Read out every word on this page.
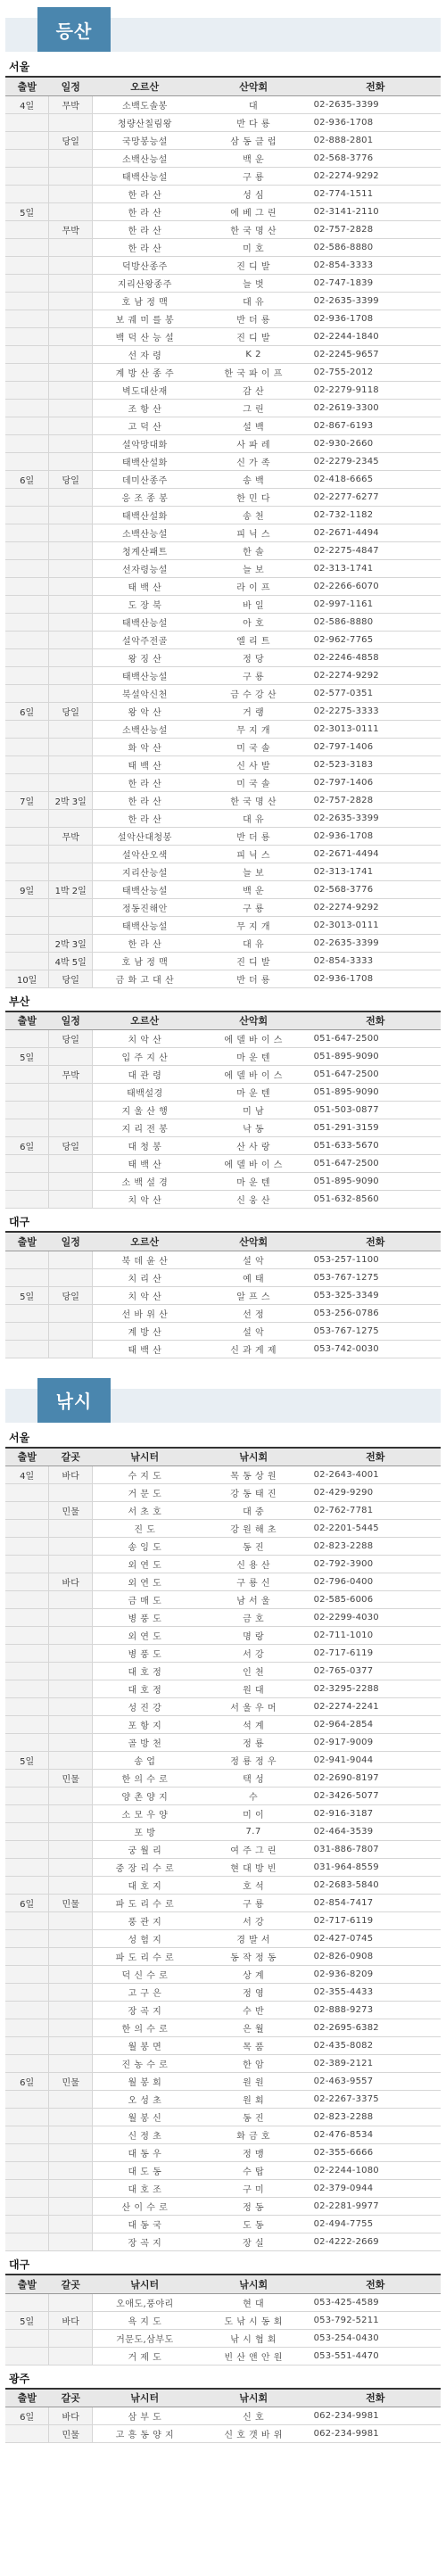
등산
서울
출발	일정	오르산	산악회	전화
4일	무박	소백도솔봉	대	02-2635-3399
		청량산칠림왕	반 다 룡	02-936-1708
	당일	국망봉능설	삼 동 클 럽	02-888-2801
		소백산능설	백 운	02-568-3776
		태백산능설	구 룡	02-2274-9292
		한 라 산	성 심	02-774-1511
5일		한 라 산	에 베 그 린	02-3141-2110
	무박	한 라 산	한 국 명 산	02-757-2828
		한 라 산	미 호	02-586-8880
		덕방산종주	진 디 발	02-854-3333
		지리산왕종주	늘 벗	02-747-1839
		호 남 정 맥	대 유	02-2635-3399
		보 궤 미 를 봉	반 더 룡	02-936-1708
		백 덕 산 능 설	진 디 발	02-2244-1840
		선 자 령	K 2	02-2245-9657
		계 방 산 종 주	한 국 파 이 프	02-755-2012
		벽도대산재	감 산	02-2279-9118
		조 항 산	그 린	02-2619-3300
		고 덕 산	설 백	02-867-6193
		설악망대화	사 파 레	02-930-2660
		태백산설화	신 가 족	02-2279-2345
6일	당일	데미산종주	송 백	02-418-6665
		응 조 종 봉	한 민 다	02-2277-6277
		태백산설화	송 천	02-732-1182
		소백산능설	피 닉 스	02-2671-4494
		청계산패트	한 솔	02-2275-4847
		선자령능설	늘 보	02-313-1741
		태 백 산	라 이 프	02-2266-6070
		도 장 북	바 일	02-997-1161
		태백산능설	아 호	02-586-8880
		설악주전골	엘 리 트	02-962-7765
		왕 징 산	정 당	02-2246-4858
		태백산능설	구 룡	02-2274-9292
		북설악신천	금 수 강 산	02-577-0351
6일	당일	왕 악 산	거 랭	02-2275-3333
		소백산능설	무 지 개	02-3013-0111
		화 악 산	미 국 솔	02-797-1406
		태 백 산	신 사 발	02-523-3183
		한 라 산	미 국 솔	02-797-1406
7일	2박 3일	한 라 산	한 국 명 산	02-757-2828
		한 라 산	대 유	02-2635-3399
	무박	설악산대청봉	반 더 룡	02-936-1708
		설악산오색	피 닉 스	02-2671-4494
		지리산능설	늘 보	02-313-1741
9일	1박 2일	태백산능설	백 운	02-568-3776
		정동진해안	구 룡	02-2274-9292
		태백산능설	무 지 개	02-3013-0111
	2박 3일	한 라 산	대 유	02-2635-3399
	4박 5일	호 남 정 맥	진 디 발	02-854-3333
10일	당일	금 화 고 대 산	반 더 룡	02-936-1708
부산
출발	일정	오르산	산악회	전화
	당일	치 악 산	에 델 바 이 스	051-647-2500
5일		입 주 지 산	마 운 텐	051-895-9090
	무박	대 관 령	에 델 바 이 스	051-647-2500
		태백설경	마 운 텐	051-895-9090
		지 울 산 행	미 남	051-503-0877
		지 리 전 봉	낙 동	051-291-3159
6일	당일	대 청 봉	산 사 랑	051-633-5670
		태 백 산	에 델 바 이 스	051-647-2500
		소 백 설 경	마 운 텐	051-895-9090
		치 악 산	신 웅 산	051-632-8560
대구
출발	일정	오르산	산악회	전화
		북 데 윤 산	설 악	053-257-1100
		치 리 산	예 태	053-767-1275
5일	당일	치 악 산	알 프 스	053-325-3349
		선 바 위 산	선 정	053-256-0786
		계 방 산	설 악	053-767-1275
		태 백 산	신 과 게 제	053-742-0030
낚시
서울
출발	갈곳	낚시터	낚시회	전화
4일	바다	수 지 도	목 동 상 원	02-2643-4001
		거 문 도	강 동 태 진	02-429-9290
	민물	서 초 호	대 중	02-762-7781
		진 도	강 원 해 초	02-2201-5445
		송 잉 도	동 진	02-823-2288
		외 연 도	신 용 산	02-792-3900
	바다	외 연 도	구 룡 신	02-796-0400
		금 매 도	남 서 울	02-585-6006
		병 풍 도	금 호	02-2299-4030
		외 연 도	명 랑	02-711-1010
		병 풍 도	서 강	02-717-6119
		대 호 정	인 천	02-765-0377
		대 호 정	원 대	02-3295-2288
		성 진 강	서 울 우 머	02-2274-2241
		포 항 지	석 계	02-964-2854
		골 방 천	정 룡	02-917-9009
5일		송 업	정 룡 정 우	02-941-9044
	민물	한 의 수 로	택 성	02-2690-8197
		양 촌 양 지	수	02-3426-5077
		소 모 우 양	미 이	02-916-3187
		포 방	7.7	02-464-3539
		궁 월 리	여 주 그 린	031-886-7807
		중 장 리 수 로	현 대 방 빈	031-964-8559
		대 호 지	호 석	02-2683-5840
6일	민물	파 도 리 수 로	구 룡	02-854-7417
		풍 관 지	서 강	02-717-6119
		성 험 지	경 발 서	02-427-0745
		파 도 리 수 로	동 작 정 동	02-826-0908
		덕 신 수 로	상 계	02-936-8209
		고 구 은	정 영	02-355-4433
		장 곡 지	수 반	02-888-9273
		한 의 수 로	은 월	02-2695-6382
		월 봉 면	목 품	02-435-8082
		진 농 수 로	한 암	02-389-2121
6일	민물	월 봉 회	원 원	02-463-9557
		오 성 초	원 회	02-2267-3375
		월 봉 신	동 진	02-823-2288
		신 정 초	화 금 호	02-476-8534
		대 동 우	정 맹	02-355-6666
		대 도 동	수 탑	02-2244-1080
		대 호 조	구 미	02-379-0944
		산 이 수 로	정 동	02-2281-9977
		대 동 국	도 동	02-494-7755
		장 곡 지	장 실	02-4222-2669
대구
출발	갈곳	낚시터	낚시회	전화
		오애도,풍야리	현 대	053-425-4589
5일	바다	욕 지 도	도 낚 시 동 회	053-792-5211
		거문도,삼부도	낚 시 협 회	053-254-0430
		거 제 도	빈 산 앤 안 원	053-551-4470
광주
출발	갈곳	낚시터	낚시회	전화
6일	바다	삼 부 도	신 호	062-234-9981
	민물	고 흥 동 양 지	신 호 갯 바 위	062-234-9981
